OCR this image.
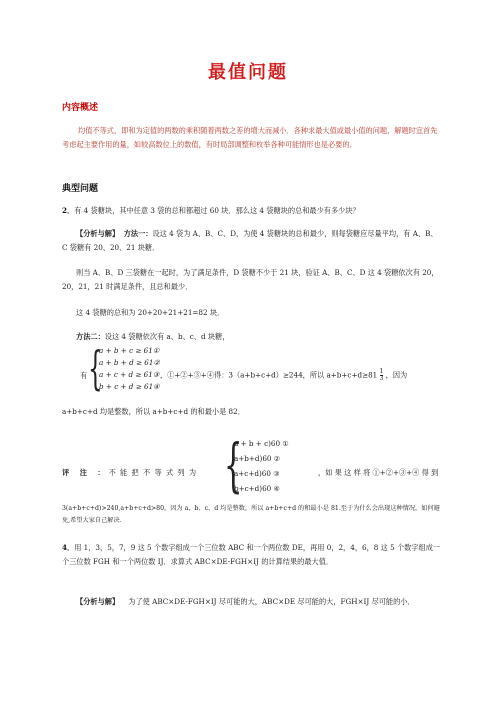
最值问题
内容概述
均值不等式，即和为定值的两数的乘积随着两数之差的增大而减小．各种求最大值或最小值的问题，解题时宜首先考虑起主要作用的量，如较高数位上的数值，有时局部调整和枚举各种可能情形也是必要的．
典型问题
2．有 4 袋糖块，其中任意 3 袋的总和都超过 60 块．那么这 4 袋糖块的总和最少有多少块？
【分析与解】 方法一：设这 4 袋为 A、B、C、D，为使 4 袋糖块的总和最少，则每袋糖应尽量平均，有 A、B、C 袋糖有 20、20、21 块糖．
则当 A、B、D 三袋糖在一起时，为了满足条件，D 袋糖不少于 21 块，验证 A、B、C、D 这 4 袋糖依次有 20，20，21，21 时满足条件，且总和最少．
这 4 袋糖的总和为 20+20+21+21=82 块．
方法二：设这 4 袋糖依次有 a、b、c、d 块糖，
有 {
a + b + c ≥ 61①
a + b + d ≥ 61②
a + c + d ≥ 61③
b + c + d ≥ 61④
，①+②+③+④得：3（a+b+c+d）≥244，所以 $a+b+c+d\ge 81 \frac{1}{3}$ ，因为
a+b+c+d 均是整数，所以 a+b+c+d 的和最小是 82．
评 注 ：不 能 把 不 等 式 列 为 {
a + b + c)60 ①
a+b+d)60 ②
a+c+d)60 ③
b+c+d)60 ④
，如 果 这 样 将 ①+②+③+④ 得 到
3(a+b+c+d)>240,a+b+c+d>80，因为 a、b、c、d 均是整数，所以 a+b+c+d 的和最小是 81.至于为什么会出现这种情况，如何避免,希望大家自己解决．
4．用 1，3，5，7，9 这 5 个数字组成一个三位数 ABC 和一个两位数 DE，再用 0，2，4，6，8 这 5 个数字组成一个三位数 FGH 和一个两位数 IJ．求算式 ABC×DE-FGH×IJ 的计算结果的最大值．
【分析与解】 为了使 ABC×DE-FGH×IJ 尽可能的大，ABC×DE 尽可能的大，FGH×IJ 尽可能的小．
